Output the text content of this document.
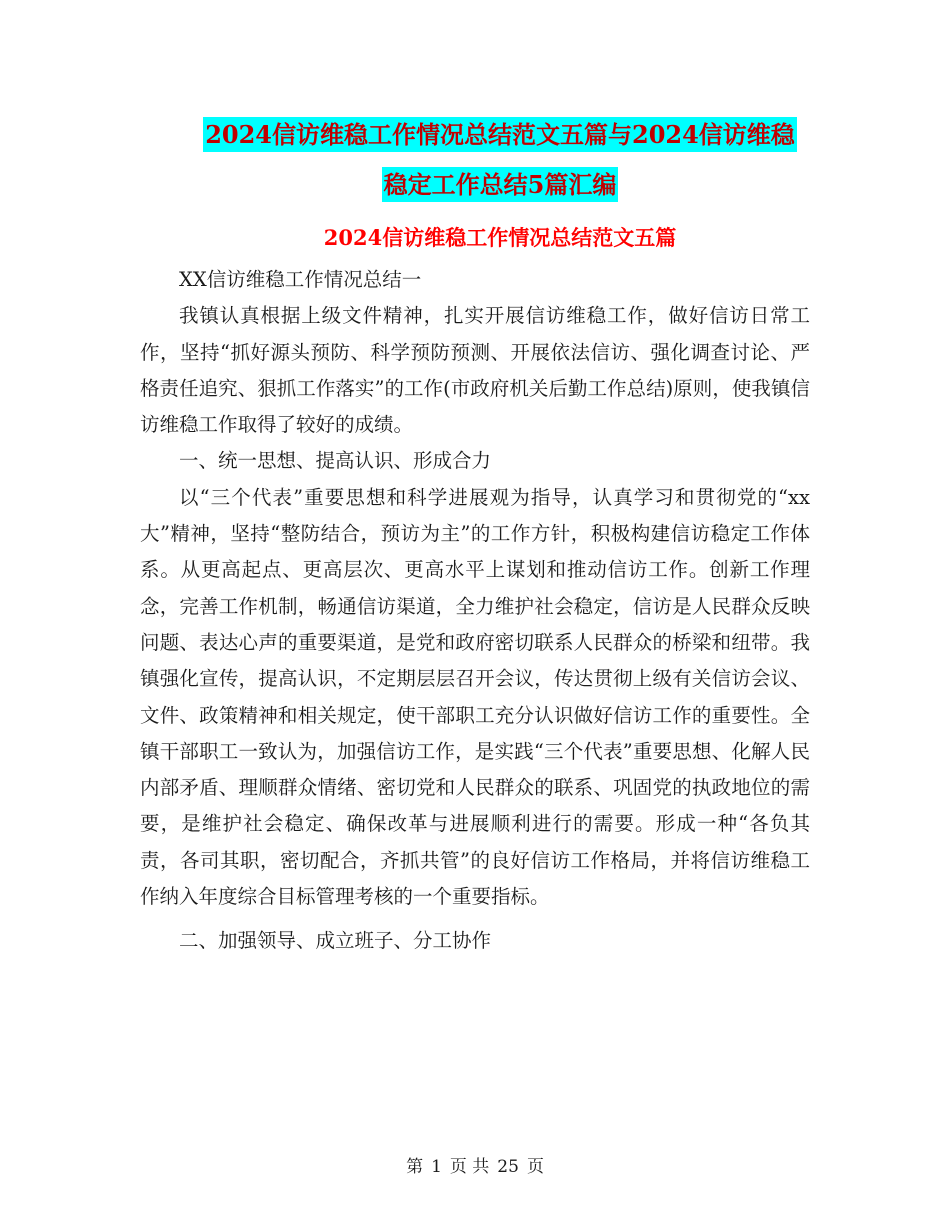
2024信访维稳工作情况总结范文五篇与2024信访维稳
稳定工作总结5篇汇编
2024信访维稳工作情况总结范文五篇

XX信访维稳工作情况总结一

我镇认真根据上级文件精神，扎实开展信访维稳工作，做好信访日常工作，坚持“抓好源头预防、科学预防预测、开展依法信访、强化调查讨论、严格责任追究、狠抓工作落实”的工作(市政府机关后勤工作总结)原则，使我镇信访维稳工作取得了较好的成绩。

一、统一思想、提高认识、形成合力

以“三个代表”重要思想和科学进展观为指导，认真学习和贯彻党的“xx大”精神，坚持“整防结合，预访为主”的工作方针，积极构建信访稳定工作体系。从更高起点、更高层次、更高水平上谋划和推动信访工作。创新工作理念，完善工作机制，畅通信访渠道，全力维护社会稳定，信访是人民群众反映问题、表达心声的重要渠道，是党和政府密切联系人民群众的桥梁和纽带。我镇强化宣传，提高认识，不定期层层召开会议，传达贯彻上级有关信访会议、文件、政策精神和相关规定，使干部职工充分认识做好信访工作的重要性。全镇干部职工一致认为，加强信访工作，是实践“三个代表”重要思想、化解人民内部矛盾、理顺群众情绪、密切党和人民群众的联系、巩固党的执政地位的需要，是维护社会稳定、确保改革与进展顺利进行的需要。形成一种“各负其责，各司其职，密切配合，齐抓共管”的良好信访工作格局，并将信访维稳工作纳入年度综合目标管理考核的一个重要指标。

二、加强领导、成立班子、分工协作

第 1 页 共 25 页
